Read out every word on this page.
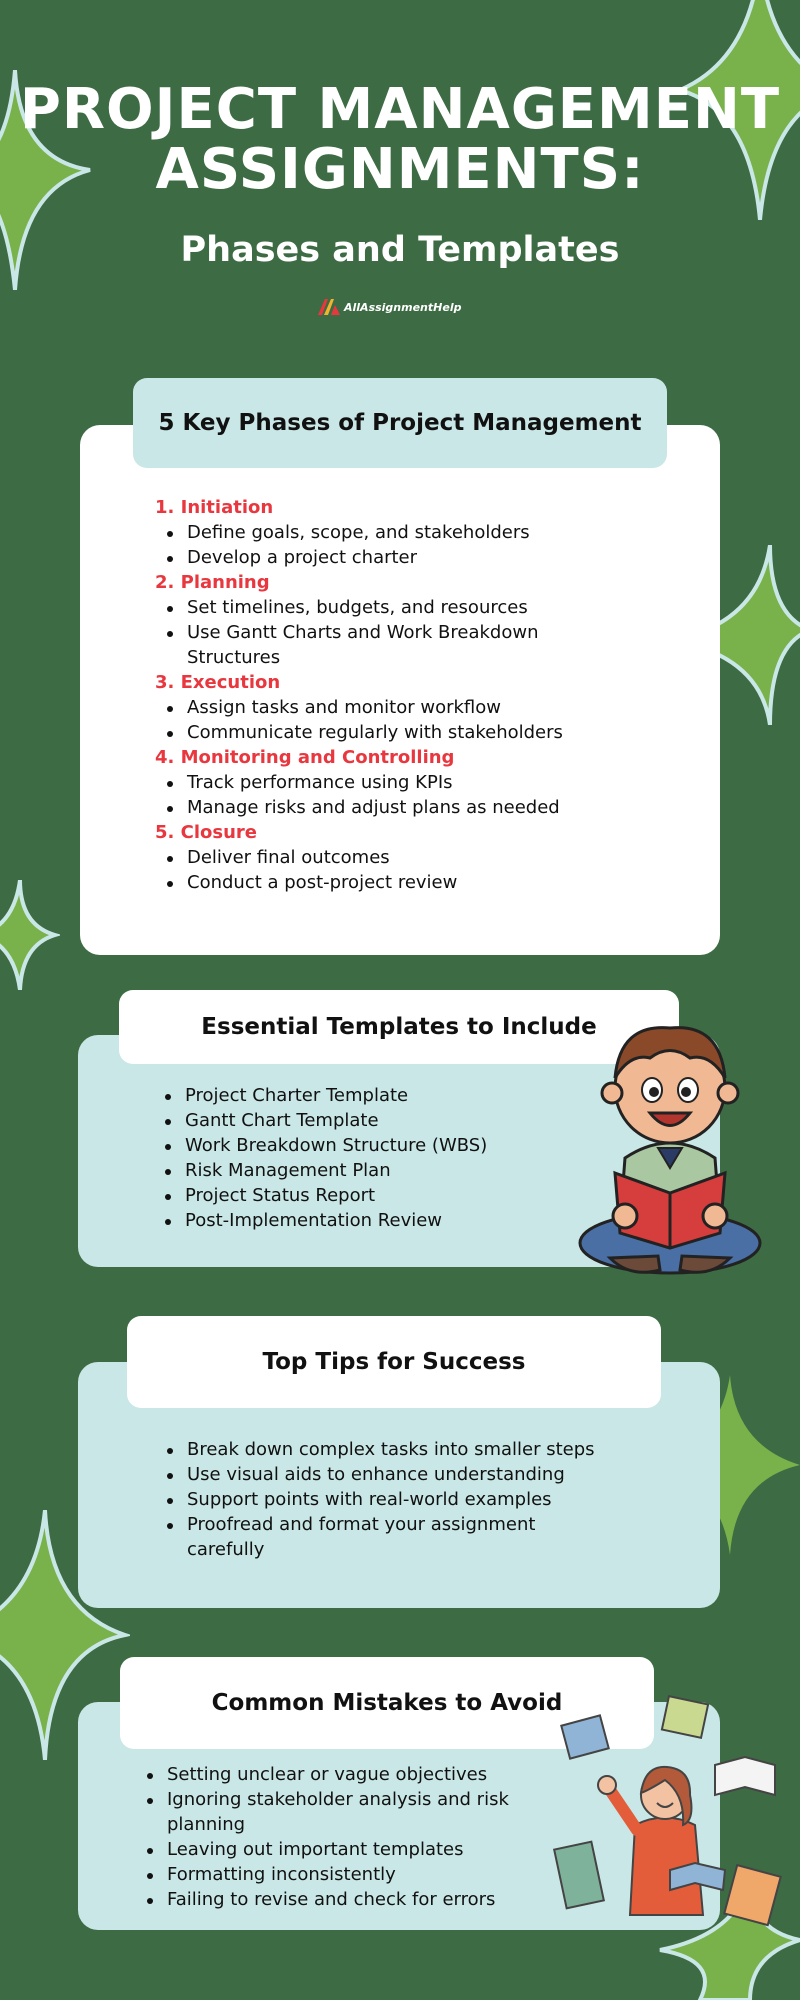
PROJECT MANAGEMENT
ASSIGNMENTS:
Phases and Templates
AllAssignmentHelp
1. Initiation
Define goals, scope, and stakeholders
Develop a project charter
2. Planning
Set timelines, budgets, and resources
Use Gantt Charts and Work Breakdown Structures
3. Execution
Assign tasks and monitor workflow
Communicate regularly with stakeholders
4. Monitoring and Controlling
Track performance using KPIs
Manage risks and adjust plans as needed
5. Closure
Deliver final outcomes
Conduct a post-project review
5 Key Phases of Project Management
Project Charter Template
Gantt Chart Template
Work Breakdown Structure (WBS)
Risk Management Plan
Project Status Report
Post-Implementation Review
Essential Templates to Include
Break down complex tasks into smaller steps
Use visual aids to enhance understanding
Support points with real-world examples
Proofread and format your assignment carefully
Top Tips for Success
Setting unclear or vague objectives
Ignoring stakeholder analysis and risk planning
Leaving out important templates
Formatting inconsistently
Failing to revise and check for errors
Common Mistakes to Avoid
